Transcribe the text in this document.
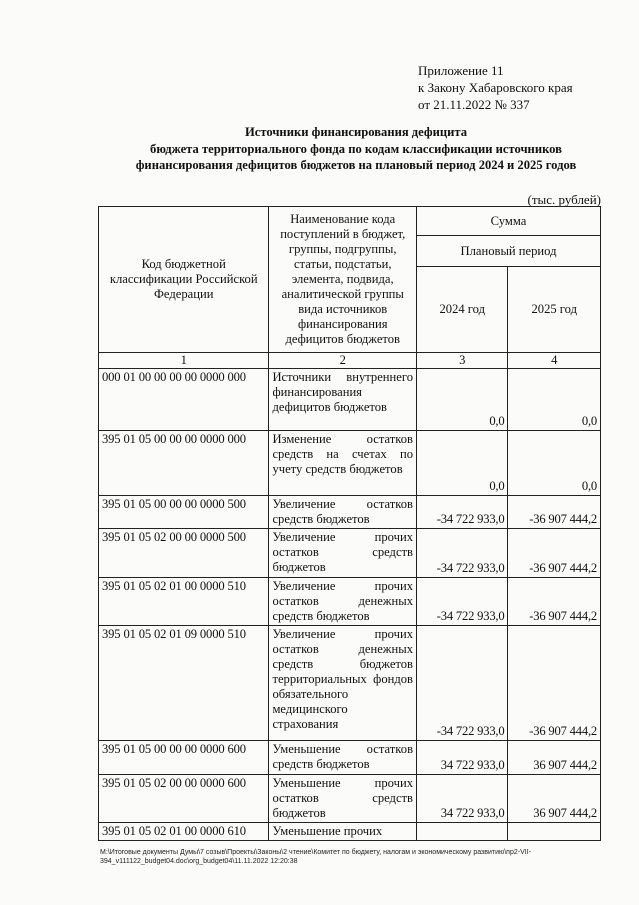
Приложение 11
к Закону Хабаровского края
от 21.11.2022 № 337
Источники финансирования дефицита
бюджета территориального фонда по кодам классификации источников
финансирования дефицитов бюджетов на плановый период 2024 и 2025 годов
(тыс. рублей)
Код бюджетной классификации Российской Федерации	Наименование кода поступлений в бюджет, группы, подгруппы, статьи, подстатьи, элемента, подвида, аналитической группы вида источников финансирования дефицитов бюджетов	Сумма	
		Плановый период	
		2024 год	2025 год
1	2	3	4
000 01 00 00 00 00 0000 000	Источники внутреннего финансирования дефицитов бюджетов	0,0	0,0
395 01 05 00 00 00 0000 000	Изменение остатков средств на счетах по учету средств бюджетов	0,0	0,0
395 01 05 00 00 00 0000 500	Увеличение остатков средств бюджетов	-34 722 933,0	-36 907 444,2
395 01 05 02 00 00 0000 500	Увеличение прочих остатков средств бюджетов	-34 722 933,0	-36 907 444,2
395 01 05 02 01 00 0000 510	Увеличение прочих остатков денежных средств бюджетов	-34 722 933,0	-36 907 444,2
395 01 05 02 01 09 0000 510	Увеличение прочих остатков денежных средств бюджетов территориальных фондов обязательного медицинского страхования	-34 722 933,0	-36 907 444,2
395 01 05 00 00 00 0000 600	Уменьшение остатков средств бюджетов	34 722 933,0	36 907 444,2
395 01 05 02 00 00 0000 600	Уменьшение прочих остатков средств бюджетов	34 722 933,0	36 907 444,2
395 01 05 02 01 00 0000 610	Уменьшение прочих		
М:\Итоговые документы Думы\7 созыв\Проекты\Законы\2 чтение\Комитет по бюджету, налогам и экономическому развитию\пр2-VII-394_v111122_budget04.doc\org_budget04\11.11.2022 12:20:38
